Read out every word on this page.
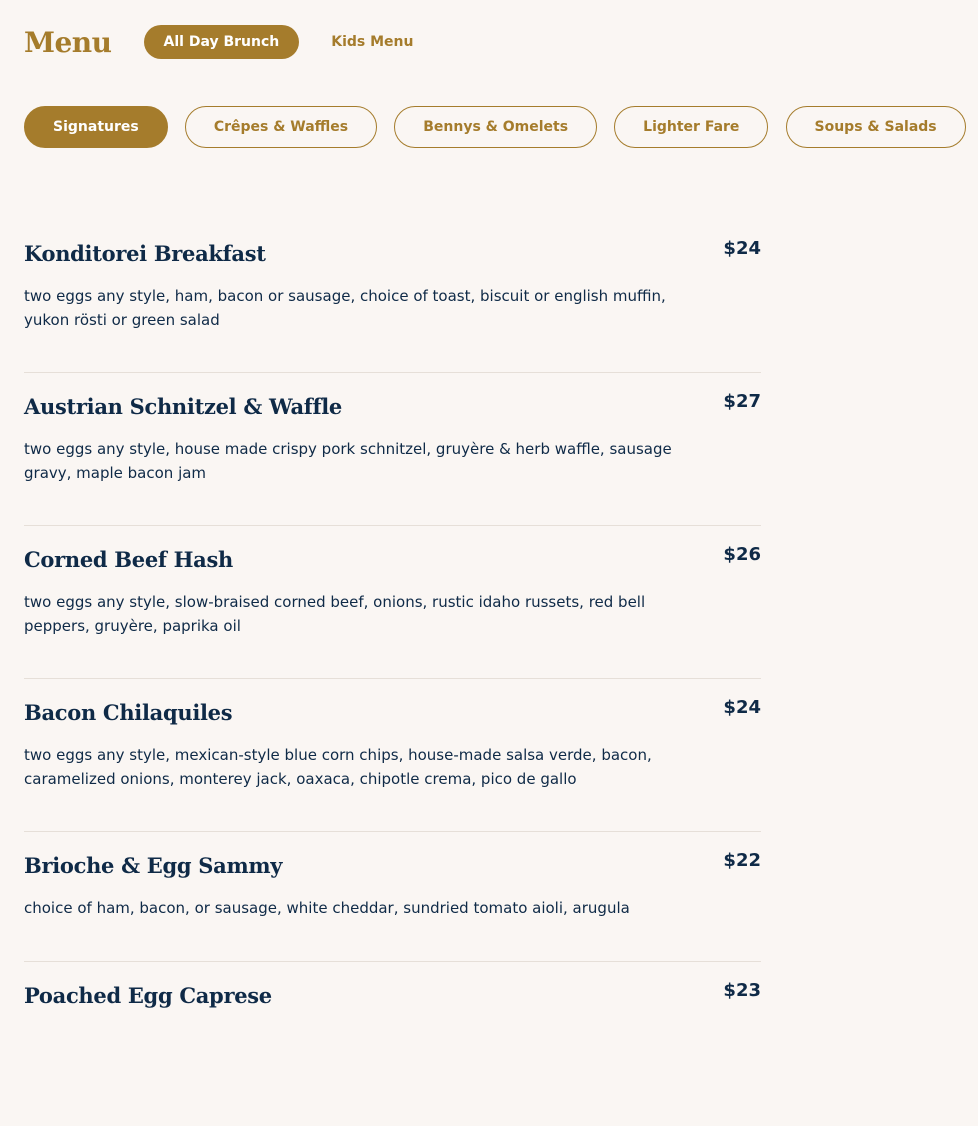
Menu	All Day Brunch	Kids Menu
Signatures	Crêpes & Waffles	Bennys & Omelets	Lighter Fare	Soups & Salads
Konditorei Breakfast	$24
two eggs any style, ham, bacon or sausage, choice of toast, biscuit or english muffin, yukon rösti or green salad
Austrian Schnitzel & Waffle	$27
two eggs any style, house made crispy pork schnitzel, gruyère & herb waffle, sausage gravy, maple bacon jam
Corned Beef Hash	$26
two eggs any style, slow-braised corned beef, onions, rustic idaho russets, red bell peppers, gruyère, paprika oil
Bacon Chilaquiles	$24
two eggs any style, mexican-style blue corn chips, house-made salsa verde, bacon, caramelized onions, monterey jack, oaxaca, chipotle crema, pico de gallo
Brioche & Egg Sammy	$22
choice of ham, bacon, or sausage, white cheddar, sundried tomato aioli, arugula
Poached Egg Caprese	$23
